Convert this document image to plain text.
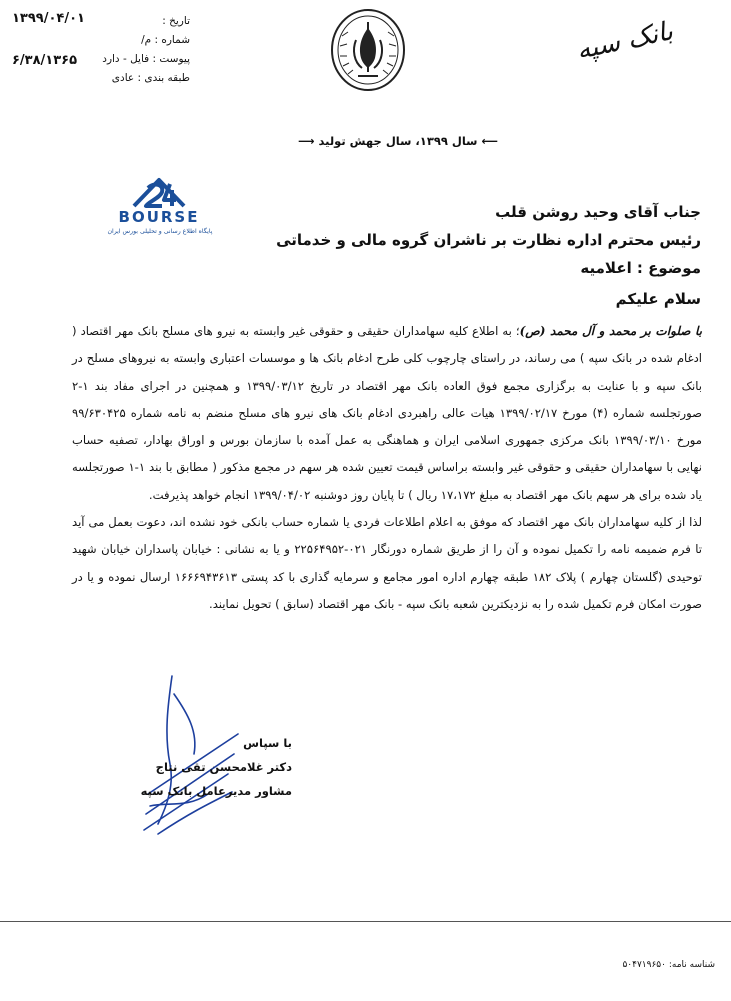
تاریخ :
شماره : م/
پیوست : فایل - دارد
طبقه بندی : عادی
۱۳۹۹/۰۴/۰۱
۶/۳۸/۱۳۶۵	بانک سپه
⟵ سال ۱۳۹۹، سال جهش تولید ⟶
BOURSE
پایگاه اطلاع رسانی و تحلیلی بورس ایران
جناب آقای وحید روشن قلب
رئیس محترم اداره نظارت بر ناشران گروه مالی و خدماتی
موضوع : اعلامیه
سلام علیکم

با صلوات بر محمد و آل محمد (ص)؛ به اطلاع کلیه سهامداران حقیقی و حقوقی غیر وابسته به نیرو های مسلح بانک مهر اقتصاد ( ادغام شده در بانک سپه ) می رساند، در راستای چارچوب کلی طرح ادغام بانک ها و موسسات اعتباری وابسته به نیروهای مسلح در بانک سپه و با عنایت به برگزاری مجمع فوق العاده بانک مهر اقتصاد در تاریخ ۱۳۹۹/۰۳/۱۲ و همچنین در اجرای مفاد بند ۱-۲ صورتجلسه شماره (۴) مورخ ۱۳۹۹/۰۲/۱۷ هیات عالی راهبردی ادغام بانک های نیرو های مسلح منضم به نامه شماره ۹۹/۶۳۰۴۲۵ مورخ ۱۳۹۹/۰۳/۱۰ بانک مرکزی جمهوری اسلامی ایران و هماهنگی به عمل آمده با سازمان بورس و اوراق بهادار، تصفیه حساب نهایی با سهامداران حقیقی و حقوقی غیر وابسته براساس قیمت تعیین شده هر سهم در مجمع مذکور ( مطابق با بند ۱-۱ صورتجلسه یاد شده برای هر سهم بانک مهر اقتصاد به مبلغ ۱۷،۱۷۲ ریال ) تا پایان روز دوشنبه ۱۳۹۹/۰۴/۰۲ انجام خواهد پذیرفت.

لذا از کلیه سهامداران بانک مهر اقتصاد که موفق به اعلام اطلاعات فردی یا شماره حساب بانکی خود نشده اند، دعوت بعمل می آید تا فرم ضمیمه نامه را تکمیل نموده و آن را از طریق شماره دورنگار ۰۲۱-۲۲۵۶۴۹۵۲ و یا به نشانی : خیابان پاسداران خیابان شهید توحیدی (گلستان چهارم ) پلاک ۱۸۲ طبقه چهارم اداره امور مجامع و سرمایه گذاری با کد پستی ۱۶۶۶۹۴۳۶۱۳ ارسال نموده و یا در صورت امکان فرم تکمیل شده را به نزدیکترین شعبه بانک سپه - بانک مهر اقتصاد (سابق ) تحویل نمایند.

با سپاس
دکتر غلامحسن تقی نتاج
مشاور مدیرعامل بانک سپه
شناسه نامه: ۵۰۴۷۱۹۶۵۰
